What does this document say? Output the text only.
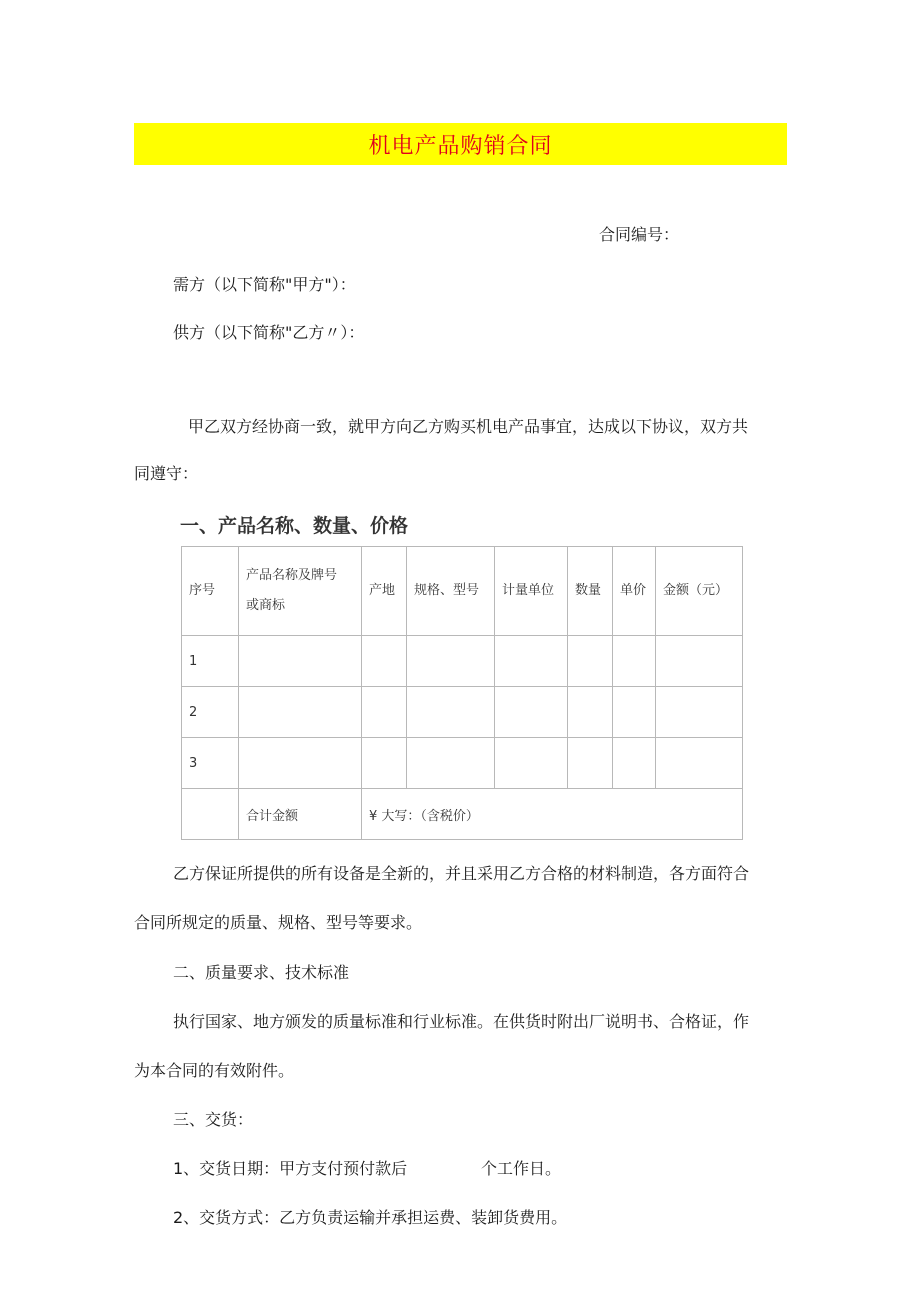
机电产品购销合同
合同编号：
需方（以下简称"甲方"）：
供方（以下简称"乙方〃）：
甲乙双方经协商一致，就甲方向乙方购买机电产品事宜，达成以下协议，双方共
同遵守：
一、产品名称、数量、价格
序号	产品名称及牌号
或商标	产地	规格、型号	计量单位	数量	单价	金额（元）

1							
2							
3							
	合计金额	¥ 大写：（含税价）					
乙方保证所提供的所有设备是全新的，并且采用乙方合格的材料制造，各方面符合
合同所规定的质量、规格、型号等要求。
二、质量要求、技术标准
执行国家、地方颁发的质量标准和行业标准。在供货时附出厂说明书、合格证，作
为本合同的有效附件。
三、交货：
1、交货日期：甲方支付预付款后	个工作日。
2、交货方式：乙方负责运输并承担运费、装卸货费用。
